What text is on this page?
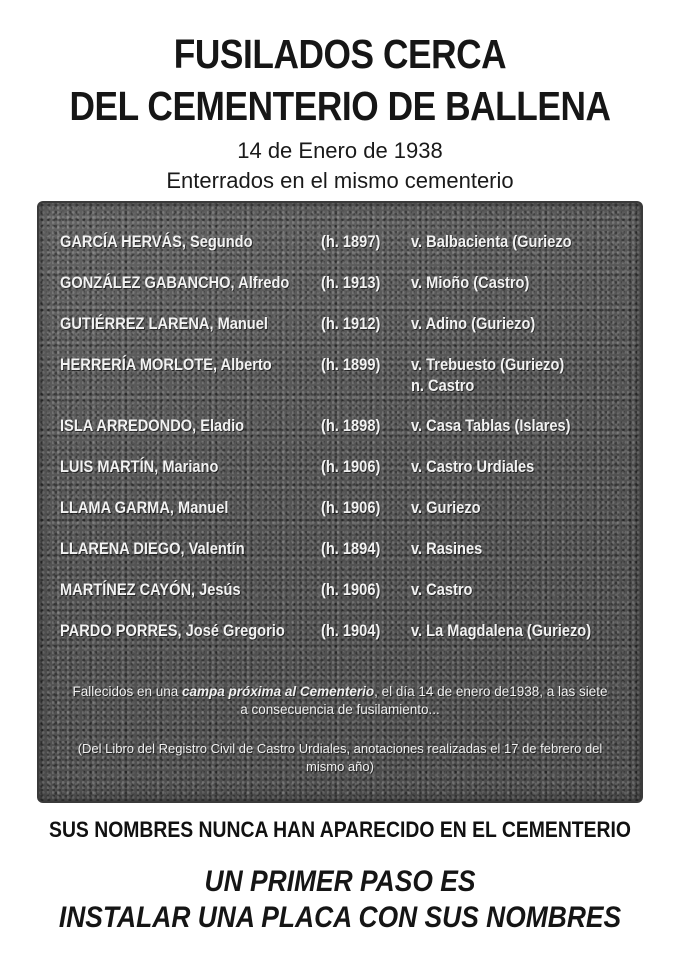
FUSILADOS CERCA
DEL CEMENTERIO DE BALLENA
14 de Enero de 1938
Enterrados en el mismo cementerio
GARCÍA HERVÁS, Segundo	(h. 1897) v. Balbacienta (Guriezo
GONZÁLEZ GABANCHO, Alfredo (h. 1913) v. Mioño (Castro)
GUTIÉRREZ LARENA, Manuel	(h. 1912) v. Adino (Guriezo)
HERRERÍA MORLOTE, Alberto	(h. 1899) v. Trebuesto (Guriezo)
n. Castro
ISLA ARREDONDO, Eladio	(h. 1898) v. Casa Tablas (Islares)
LUIS MARTÍN, Mariano	(h. 1906) v. Castro Urdiales
LLAMA GARMA, Manuel	(h. 1906) v. Guriezo
LLARENA DIEGO, Valentín	(h. 1894) v. Rasines
MARTÍNEZ CAYÓN, Jesús	(h. 1906) v. Castro
PARDO PORRES, José Gregorio (h. 1904) v. La Magdalena (Guriezo)
Fallecidos en una campa próxima al Cementerio, el día 14 de enero de1938, a las siete a consecuencia de fusilamiento...
(Del Libro del Registro Civil de Castro Urdiales, anotaciones realizadas el 17 de febrero del mismo año)
SUS NOMBRES NUNCA HAN APARECIDO EN EL CEMENTERIO
UN PRIMER PASO ES
INSTALAR UNA PLACA CON SUS NOMBRES
